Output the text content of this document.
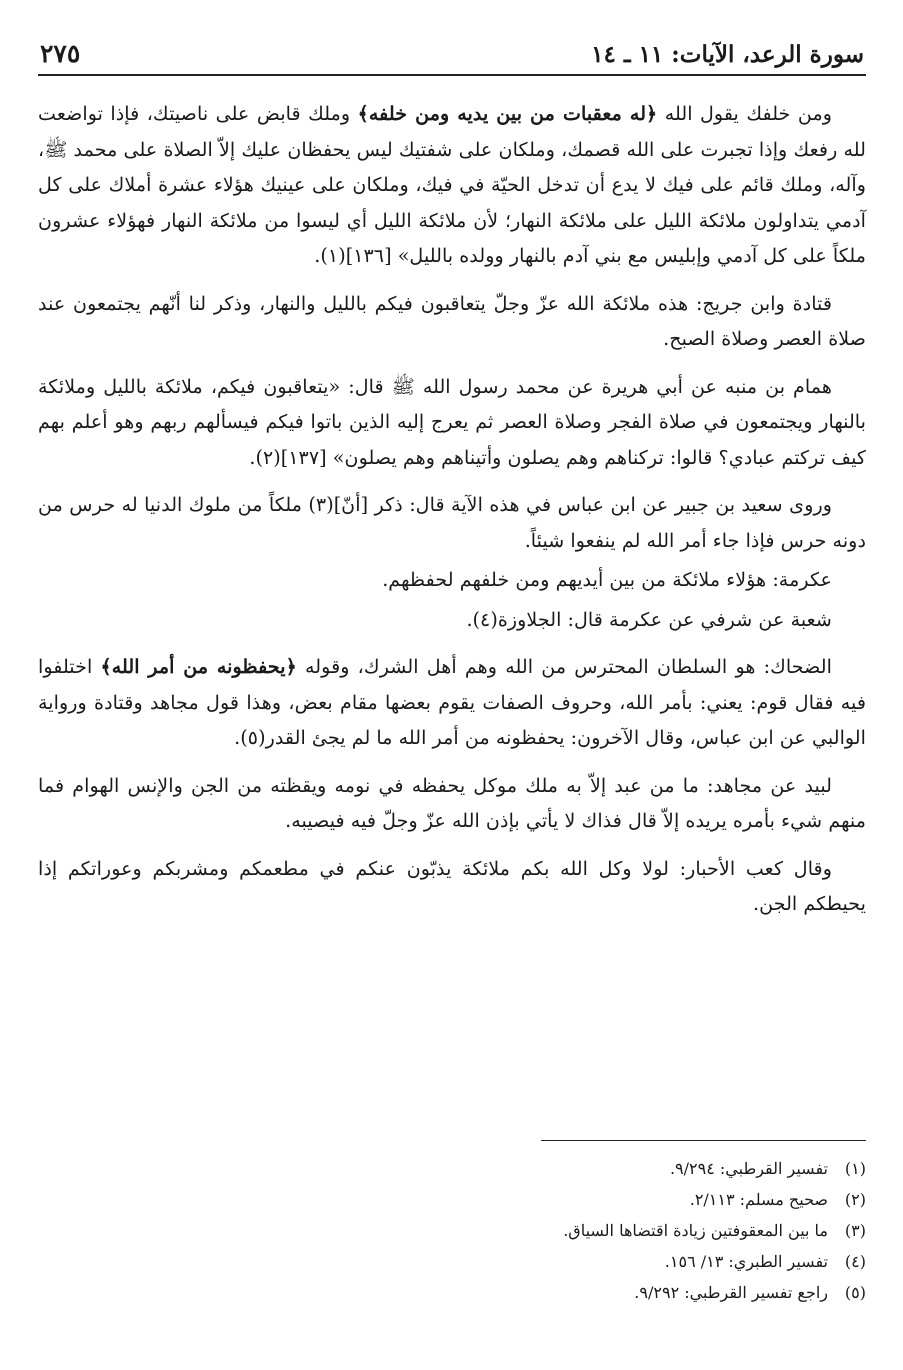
سورة الرعد، الآيات: ١١ ـ ١٤
٢٧٥

ومن خلفك يقول الله ﴿له معقبات من بين يديه ومن خلفه﴾ وملك قابض على ناصيتك، فإذا تواضعت لله رفعك وإذا تجبرت على الله قصمك، وملكان على شفتيك ليس يحفظان عليك إلاّ الصلاة على محمد ﷺ، وآله، وملك قائم على فيك لا يدع أن تدخل الحيّة في فيك، وملكان على عينيك هؤلاء عشرة أملاك على كل آدمي يتداولون ملائكة الليل على ملائكة النهار؛ لأن ملائكة الليل أي ليسوا من ملائكة النهار فهؤلاء عشرون ملكاً على كل آدمي وإبليس مع بني آدم بالنهار وولده بالليل» [١٣٦](١).

قتادة وابن جريج: هذه ملائكة الله عزّ وجلّ يتعاقبون فيكم بالليل والنهار، وذكر لنا أنّهم يجتمعون عند صلاة العصر وصلاة الصبح.

همام بن منبه عن أبي هريرة عن محمد رسول الله ﷺ قال: «يتعاقبون فيكم، ملائكة بالليل وملائكة بالنهار ويجتمعون في صلاة الفجر وصلاة العصر ثم يعرج إليه الذين باتوا فيكم فيسألهم ربهم وهو أعلم بهم كيف تركتم عبادي؟ قالوا: تركناهم وهم يصلون وأتيناهم وهم يصلون» [١٣٧](٢).

وروى سعيد بن جبير عن ابن عباس في هذه الآية قال: ذكر [أنّ](٣) ملكاً من ملوك الدنيا له حرس من دونه حرس فإذا جاء أمر الله لم ينفعوا شيئاً.

عكرمة: هؤلاء ملائكة من بين أيديهم ومن خلفهم لحفظهم.

شعبة عن شرفي عن عكرمة قال: الجلاوزة(٤).

الضحاك: هو السلطان المحترس من الله وهم أهل الشرك، وقوله ﴿يحفظونه من أمر الله﴾ اختلفوا فيه فقال قوم: يعني: بأمر الله، وحروف الصفات يقوم بعضها مقام بعض، وهذا قول مجاهد وقتادة ورواية الوالبي عن ابن عباس، وقال الآخرون: يحفظونه من أمر الله ما لم يجئ القدر(٥).

لبيد عن مجاهد: ما من عبد إلاّ به ملك موكل يحفظه في نومه ويقظته من الجن والإنس الهوام فما منهم شيء بأمره يريده إلاّ قال فذاك لا يأتي بإذن الله عزّ وجلّ فيه فيصيبه.

وقال كعب الأحبار: لولا وكل الله بكم ملائكة يذبّون عنكم في مطعمكم ومشربكم وعوراتكم إذا يحيطكم الجن.

(١)
تفسير القرطبي: ٩/٢٩٤.
(٢)
صحيح مسلم: ٢/١١٣.
(٣)
ما بين المعقوفتين زيادة اقتضاها السياق.
(٤)
تفسير الطبري: ١٣/ ١٥٦.
(٥)
راجع تفسير القرطبي: ٩/٢٩٢.
